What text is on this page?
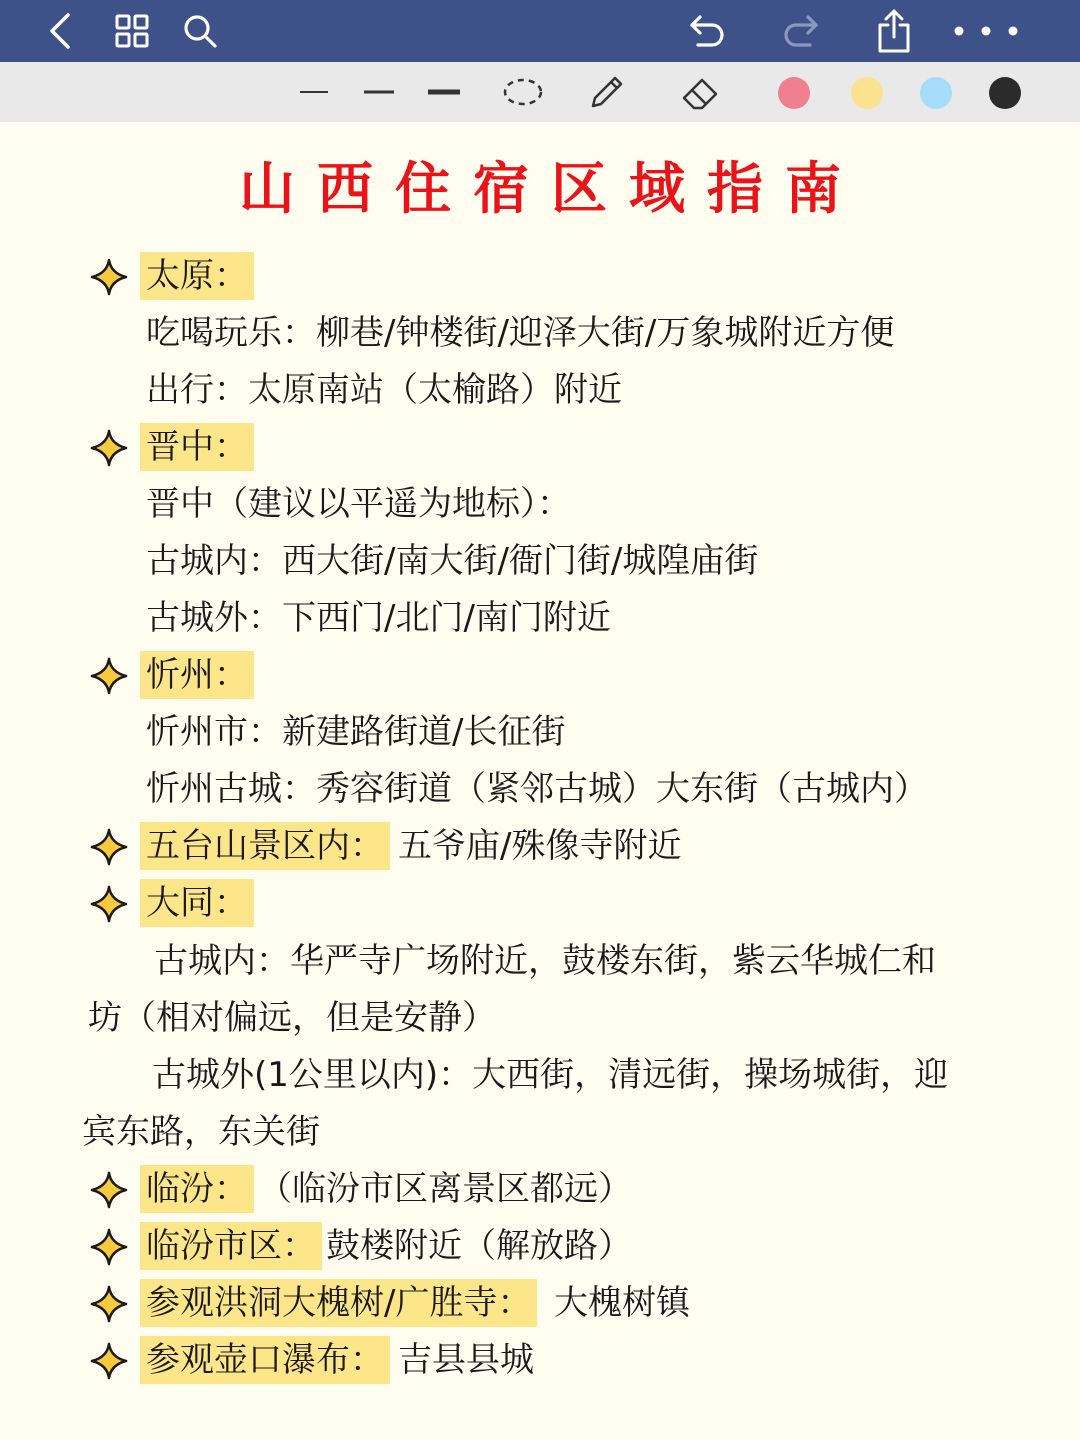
山西住宿区域指南
太原：
吃喝玩乐：柳巷/钟楼街/迎泽大街/万象城附近方便
出行：太原南站（太榆路）附近
晋中：
晋中（建议以平遥为地标）：
古城内：西大街/南大街/衙门街/城隍庙街
古城外：下西门/北门/南门附近
忻州：
忻州市：新建路街道/长征街
忻州古城：秀容街道（紧邻古城）大东街（古城内）
五台山景区内： 五爷庙/殊像寺附近
大同：
古城内：华严寺广场附近，鼓楼东街，紫云华城仁和
坊（相对偏远，但是安静）
古城外(1公里以内)：大西街，清远街，操场城街，迎
宾东路，东关街
临汾： （临汾市区离景区都远）
临汾市区： 鼓楼附近（解放路）
参观洪洞大槐树/广胜寺： 大槐树镇
参观壶口瀑布： 吉县县城
